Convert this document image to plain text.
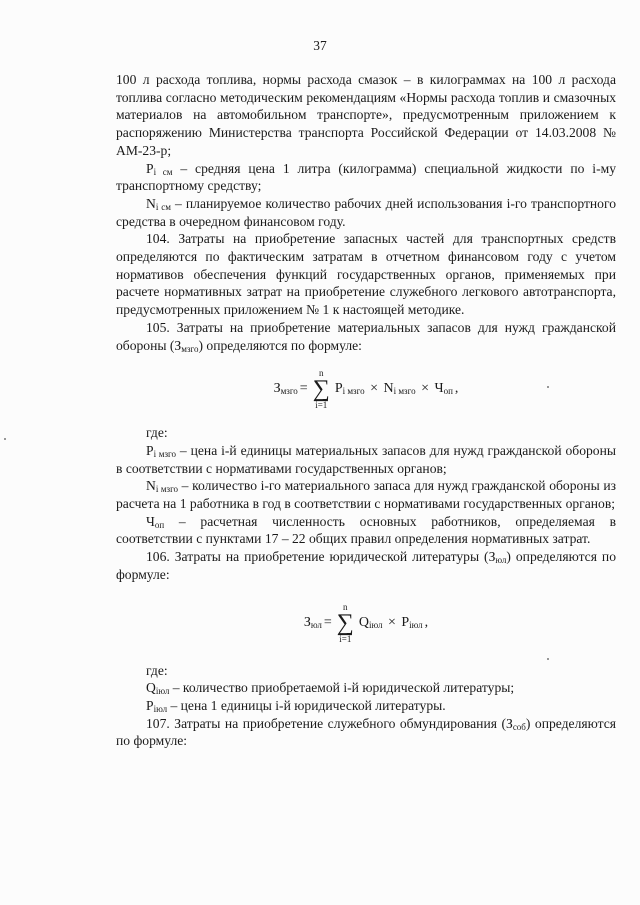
37

100 л расхода топлива, нормы расхода смазок – в килограммах на 100 л расхода топлива согласно методическим рекомендациям «Нормы расхода топлив и смазочных материалов на автомобильном транспорте», предусмотренным приложением к распоряжению Министерства транспорта Российской Федерации от 14.03.2008 № АМ-23-р;

$P_{i см}$ – средняя цена 1 литра (килограмма) специальной жидкости по i-му транспортному средству;

$N_{i см}$ – планируемое количество рабочих дней использования i-го транспортного средства в очередном финансовом году.

104. Затраты на приобретение запасных частей для транспортных средств определяются по фактическим затратам в отчетном финансовом году с учетом нормативов обеспечения функций государственных органов, применяемых при расчете нормативных затрат на приобретение служебного легкового автотранспорта, предусмотренных приложением № 1 к настоящей методике.

105. Затраты на приобретение материальных запасов для нужд гражданской обороны $(З_{мзго})$ определяются по формуле:

$З_{мзго}$ =
n
∑
i=1
$P_{i мзго} \times N_{i мзго} \times Ч_{оп}$ ,

где:

$P_{i мзго}$ – цена i-й единицы материальных запасов для нужд гражданской обороны в соответствии с нормативами государственных органов;

$N_{i мзго}$ – количество i-го материального запаса для нужд гражданской обороны из расчета на 1 работника в год в соответствии с нормативами государственных органов;

$Ч_{оп}$ – расчетная численность основных работников, определяемая в соответствии с пунктами 17 – 22 общих правил определения нормативных затрат.

106. Затраты на приобретение юридической литературы $(З_{юл})$ определяются по формуле:

$З_{юл}$ =
n
∑
i=1
$Q_{iюл} \times P_{iюл}$ ,

где:

$Q_{iюл}$ – количество приобретаемой i-й юридической литературы;

$P_{iюл}$ – цена 1 единицы i-й юридической литературы.

107. Затраты на приобретение служебного обмундирования $(З_{соб})$ определяются по формуле:
